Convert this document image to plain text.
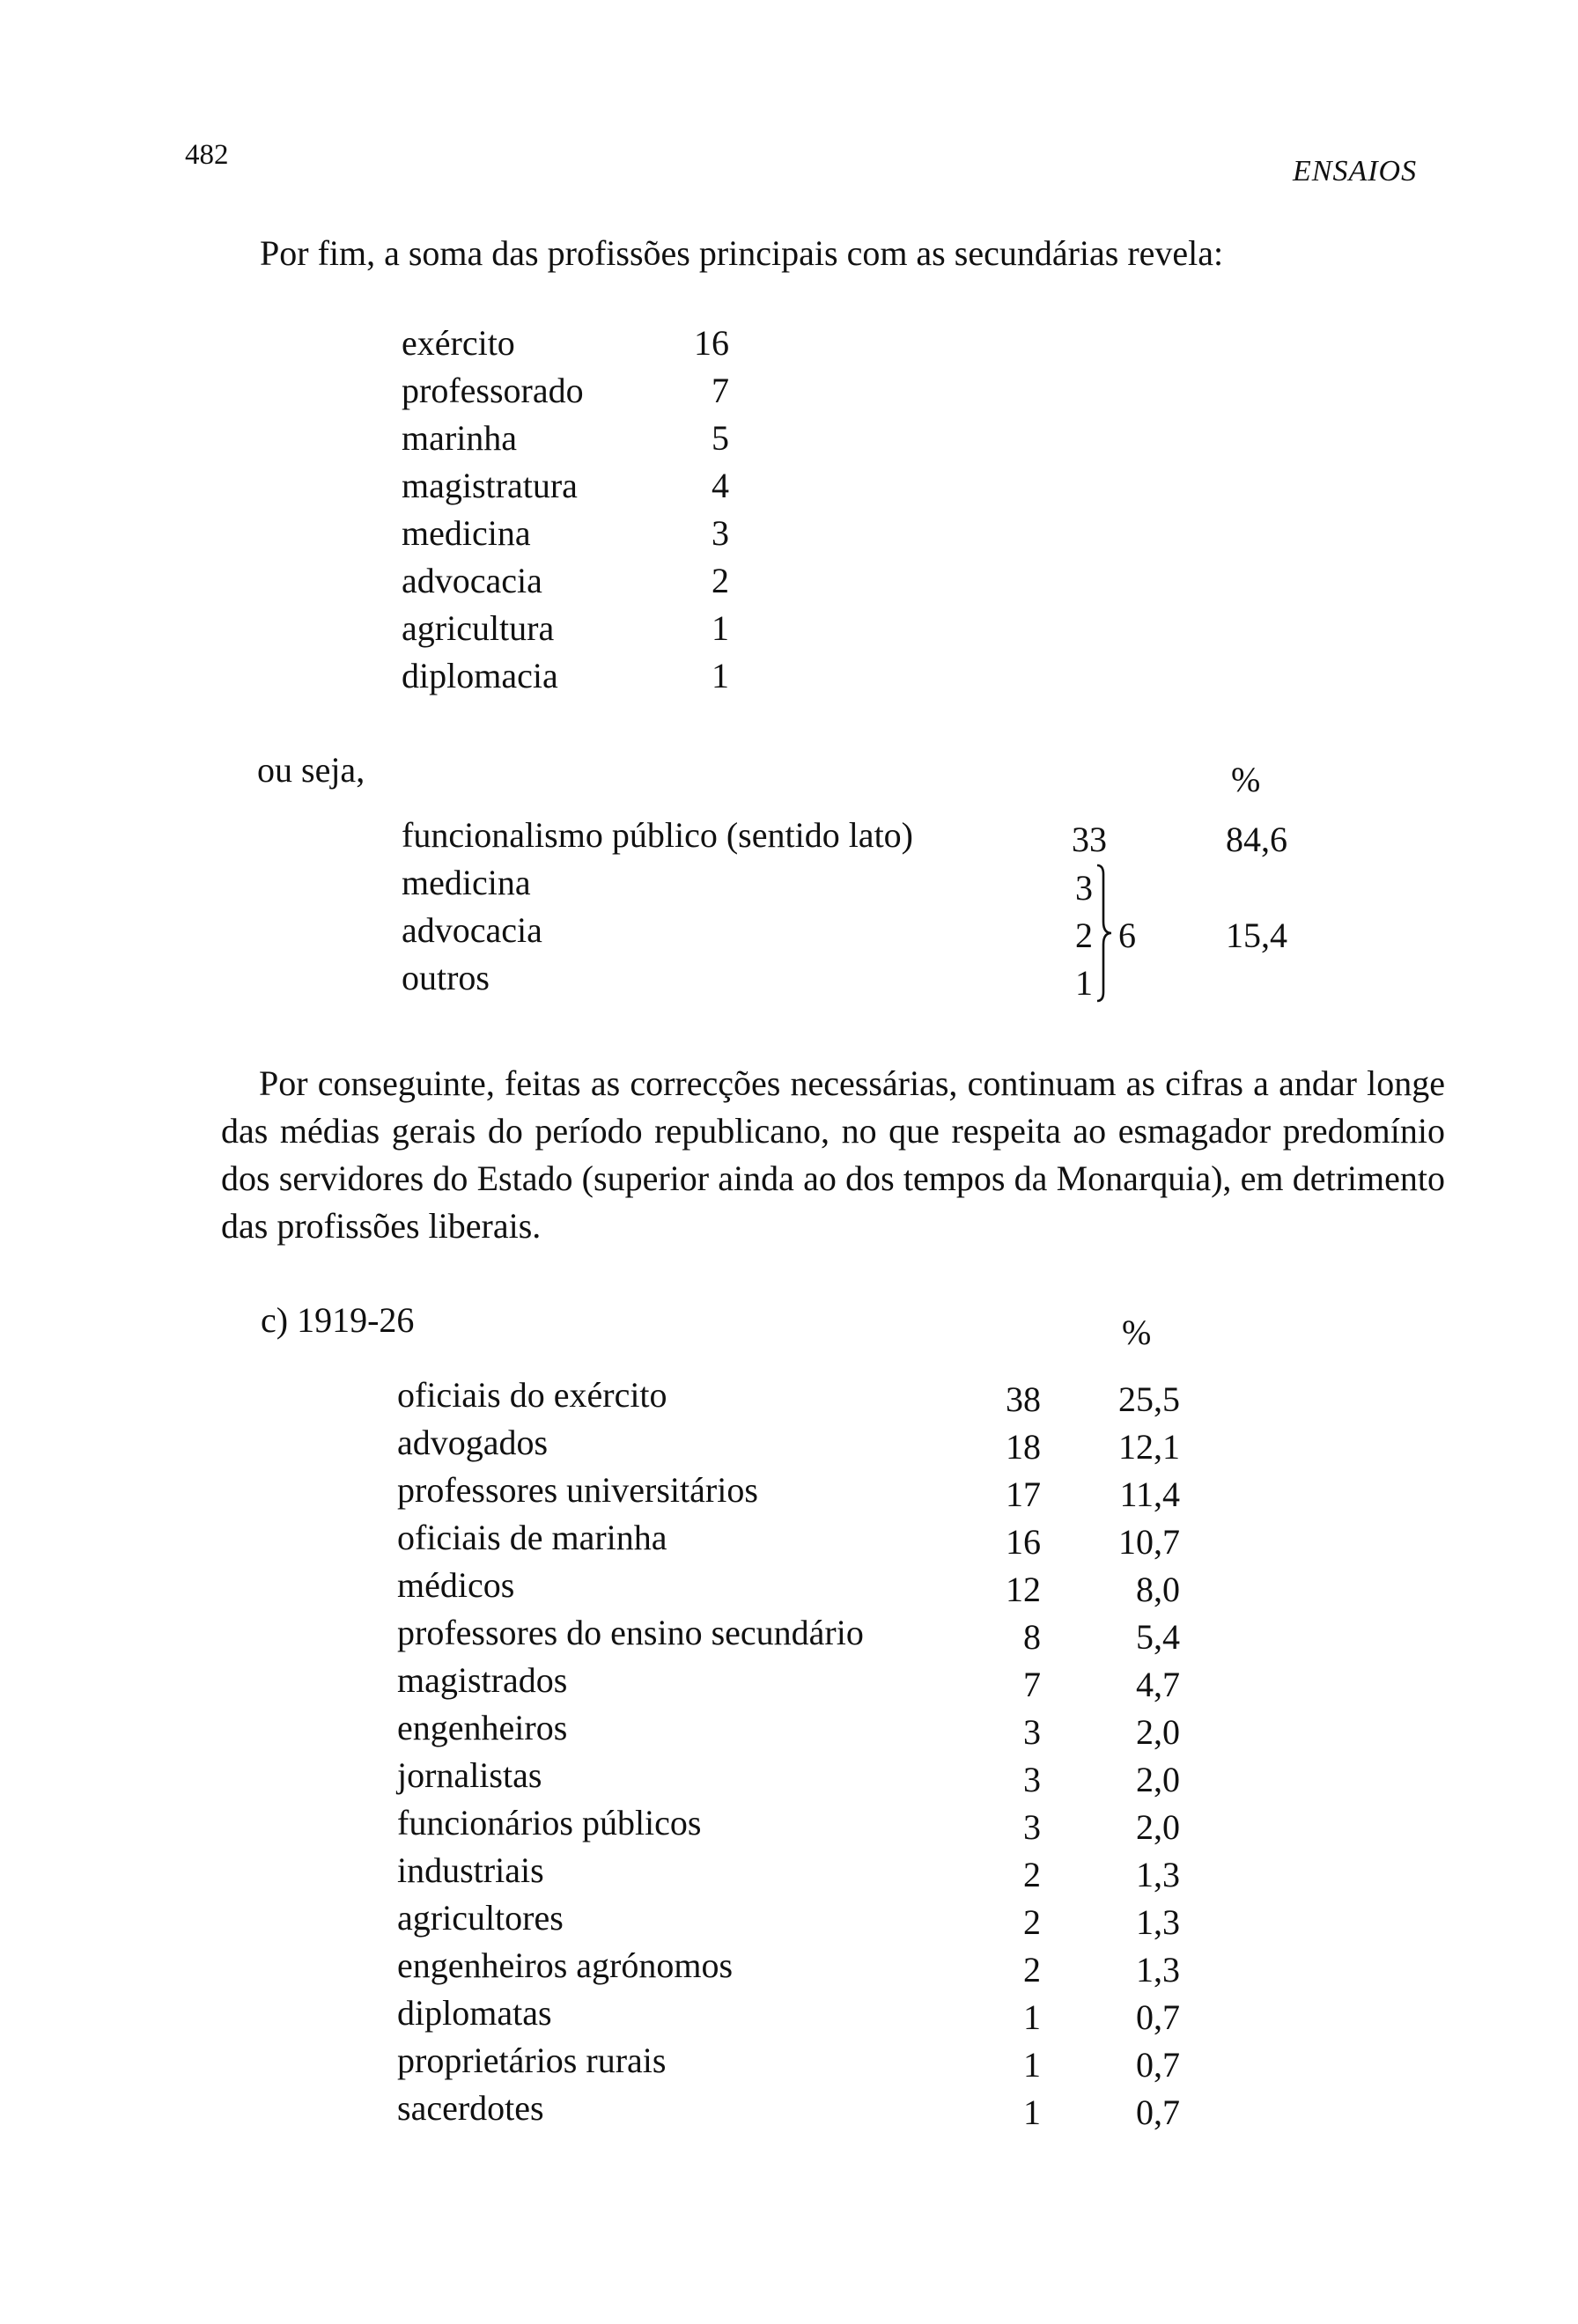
482	ENSAIOS
Por fim, a soma das profissões principais com as secundárias revela:
exército	16
professorado	7
marinha	5
magistratura	4
medicina	3
advocacia	2
agricultura	1
diplomacia	1
ou seja,	%
funcionalismo público (sentido lato)	33	84,6
medicina	3
advocacia	2
outros	1
6	15,4

Por conseguinte, feitas as correcções necessárias, continuam as cifras a andar longe das médias gerais do período republicano, no que respeita ao esmagador predomínio dos servidores do Estado (superior ainda ao dos tempos da Monarquia), em detrimento das profissões liberais.

c) 1919-26	%
oficiais do exército	38	25,5
advogados	18	12,1
professores universitários	17	11,4
oficiais de marinha	16	10,7
médicos	12	8,0
professores do ensino secundário	8	5,4
magistrados	7	4,7
engenheiros	3	2,0
jornalistas	3	2,0
funcionários públicos	3	2,0
industriais	2	1,3
agricultores	2	1,3
engenheiros agrónomos	2	1,3
diplomatas	1	0,7
proprietários rurais	1	0,7
sacerdotes	1	0,7
